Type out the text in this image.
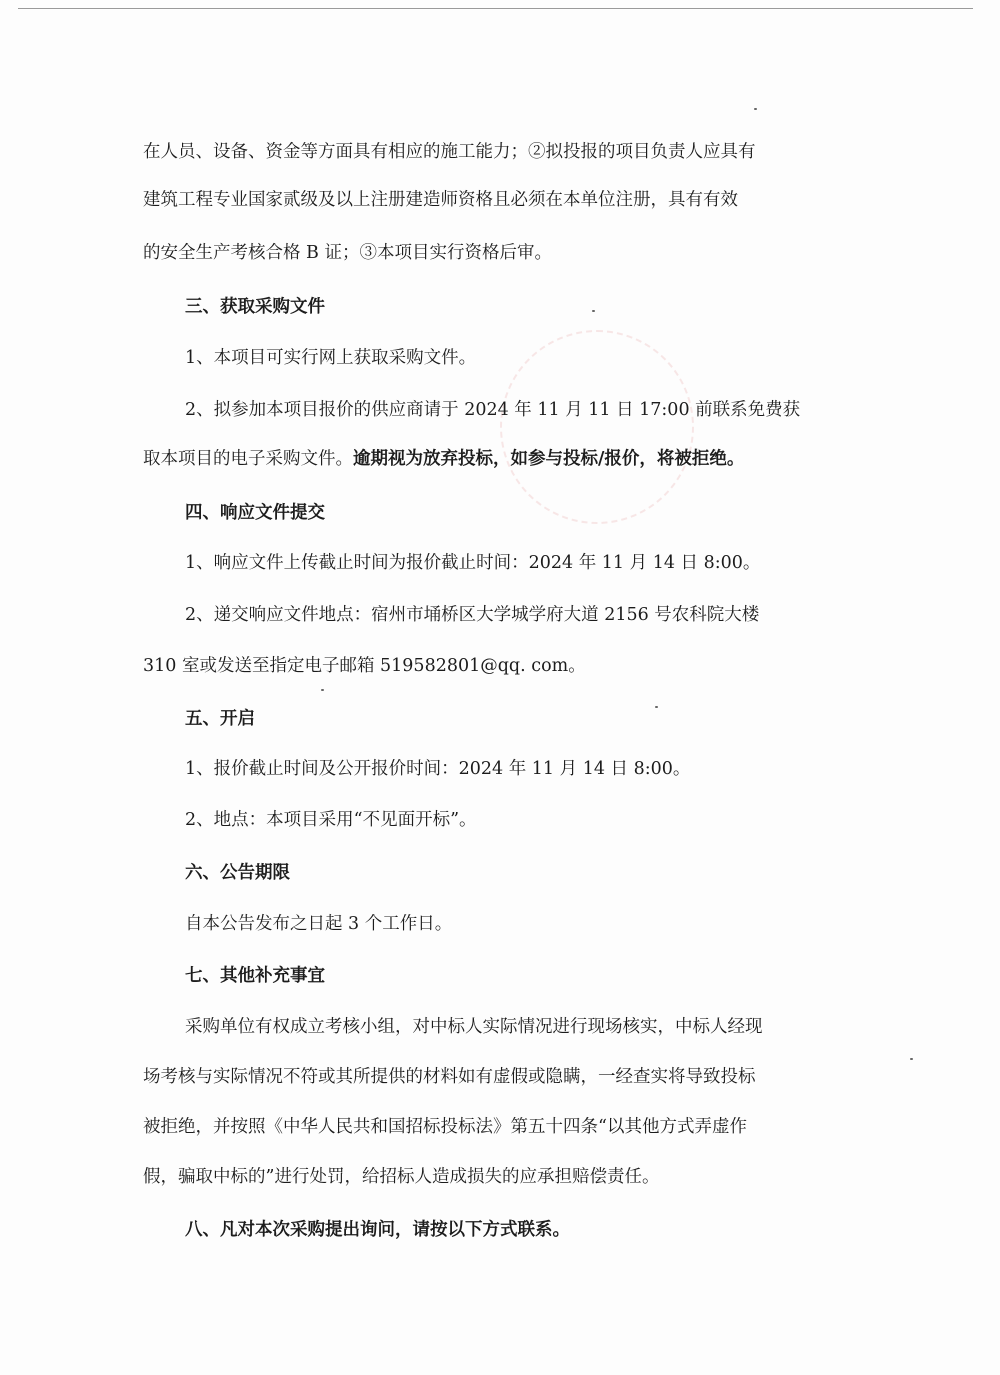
在人员、设备、资金等方面具有相应的施工能力；②拟投报的项目负责人应具有
建筑工程专业国家贰级及以上注册建造师资格且必须在本单位注册，具有有效
的安全生产考核合格 B 证；③本项目实行资格后审。
三、获取采购文件
1、本项目可实行网上获取采购文件。
2、拟参加本项目报价的供应商请于 2024 年 11 月 11 日 17:00 前联系免费获
取本项目的电子采购文件。逾期视为放弃投标，如参与投标/报价，将被拒绝。
四、响应文件提交
1、响应文件上传截止时间为报价截止时间：2024 年 11 月 14 日 8:00。
2、递交响应文件地点：宿州市埇桥区大学城学府大道 2156 号农科院大楼
310 室或发送至指定电子邮箱 519582801@qq. com。
五、开启
1、报价截止时间及公开报价时间：2024 年 11 月 14 日 8:00。
2、地点：本项目采用“不见面开标”。
六、公告期限
自本公告发布之日起 3 个工作日。
七、其他补充事宜
采购单位有权成立考核小组，对中标人实际情况进行现场核实，中标人经现
场考核与实际情况不符或其所提供的材料如有虚假或隐瞒，一经查实将导致投标
被拒绝，并按照《中华人民共和国招标投标法》第五十四条“以其他方式弄虚作
假，骗取中标的”进行处罚，给招标人造成损失的应承担赔偿责任。
八、凡对本次采购提出询问，请按以下方式联系。
